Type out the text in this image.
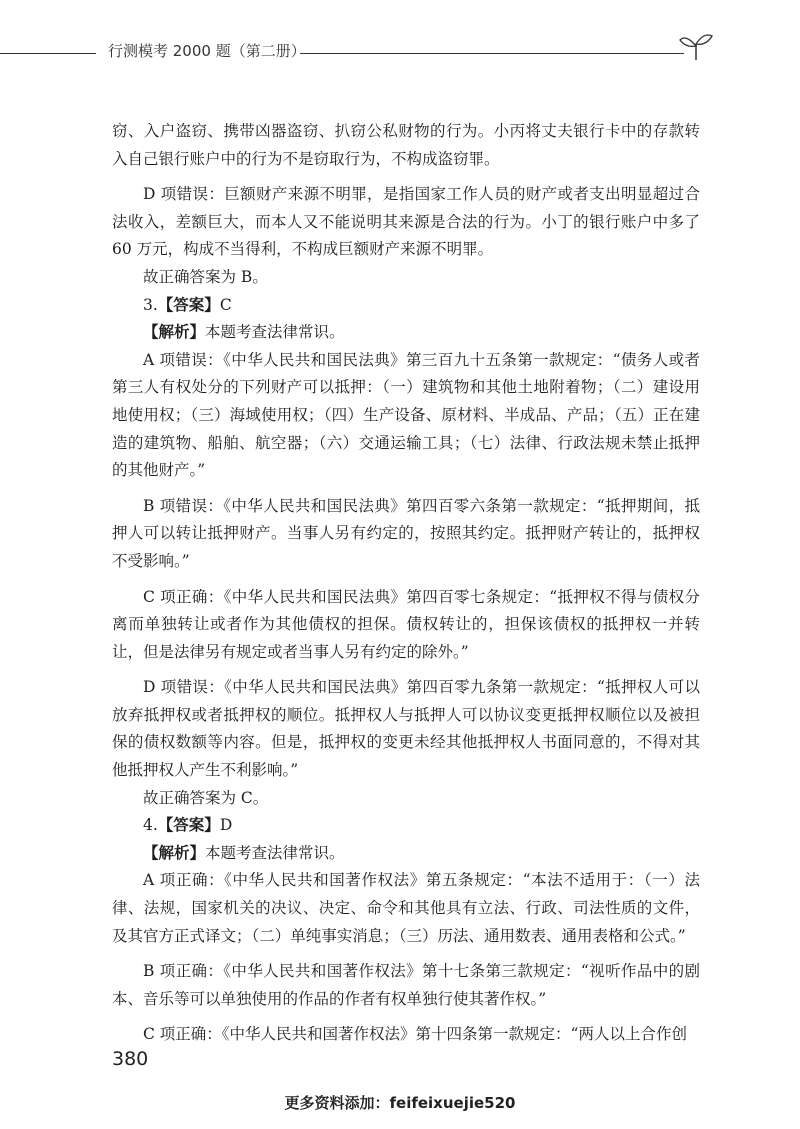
行测模考 2000 题（第二册）

窃、入户盗窃、携带凶器盗窃、扒窃公私财物的行为。小丙将丈夫银行卡中的存款转入自己银行账户中的行为不是窃取行为，不构成盗窃罪。

D 项错误：巨额财产来源不明罪，是指国家工作人员的财产或者支出明显超过合法收入，差额巨大，而本人又不能说明其来源是合法的行为。小丁的银行账户中多了 60 万元，构成不当得利，不构成巨额财产来源不明罪。

故正确答案为 B。

3.【答案】C

【解析】本题考查法律常识。

A 项错误：《中华人民共和国民法典》第三百九十五条第一款规定：“债务人或者第三人有权处分的下列财产可以抵押：（一）建筑物和其他土地附着物；（二）建设用地使用权；（三）海域使用权；（四）生产设备、原材料、半成品、产品；（五）正在建造的建筑物、船舶、航空器；（六）交通运输工具；（七）法律、行政法规未禁止抵押的其他财产。”

B 项错误：《中华人民共和国民法典》第四百零六条第一款规定：“抵押期间，抵押人可以转让抵押财产。当事人另有约定的，按照其约定。抵押财产转让的，抵押权不受影响。”

C 项正确：《中华人民共和国民法典》第四百零七条规定：“抵押权不得与债权分离而单独转让或者作为其他债权的担保。债权转让的，担保该债权的抵押权一并转让，但是法律另有规定或者当事人另有约定的除外。”

D 项错误：《中华人民共和国民法典》第四百零九条第一款规定：“抵押权人可以放弃抵押权或者抵押权的顺位。抵押权人与抵押人可以协议变更抵押权顺位以及被担保的债权数额等内容。但是，抵押权的变更未经其他抵押权人书面同意的，不得对其他抵押权人产生不利影响。”

故正确答案为 C。

4.【答案】D

【解析】本题考查法律常识。

A 项正确：《中华人民共和国著作权法》第五条规定：“本法不适用于：（一）法律、法规，国家机关的决议、决定、命令和其他具有立法、行政、司法性质的文件，及其官方正式译文；（二）单纯事实消息；（三）历法、通用数表、通用表格和公式。”

B 项正确：《中华人民共和国著作权法》第十七条第三款规定：“视听作品中的剧本、音乐等可以单独使用的作品的作者有权单独行使其著作权。”

C 项正确：《中华人民共和国著作权法》第十四条第一款规定：“两人以上合作创

380
更多资料添加：feifeixuejie520
